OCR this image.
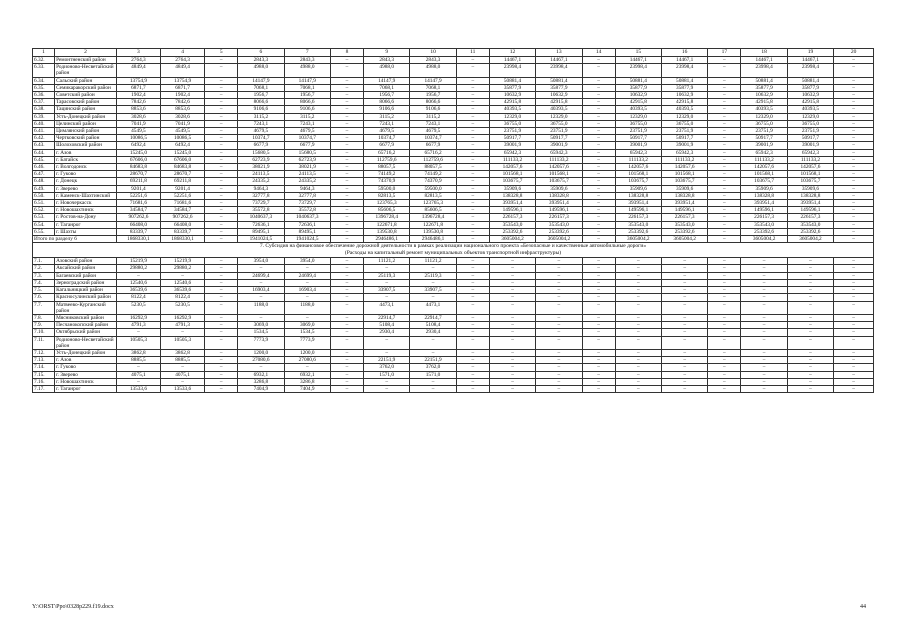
1	2	3	4	5	6	7	8	9	10	11	12	13	14	15	16	17	18	19	20
6.32.	Ремонтненский район	2764,3	2764,3	–	2843,3	2843,3	–	2843,3	2843,3	–	14467,1	14467,1	–	14467,1	14467,1	–	14467,1	14467,1	–
6.33.	Родионово-Несветайский район	4849,4	4849,4	–	4988,0	4988,0	–	4988,0	4988,0	–	23998,4	23998,4	–	23998,4	23998,4	–	23998,4	23998,4	–
6.34.	Сальский район	13754,9	13754,9	–	14147,9	14147,9	–	14147,9	14147,9	–	50881,4	50881,4	–	50881,4	50881,4	–	50881,4	50881,4	–
6.35.	Семикаракорский район	6871,7	6871,7	–	7068,1	7068,1	–	7068,1	7068,1	–	35877,9	35877,9	–	35877,9	35877,9	–	35877,9	35877,9	–
6.36.	Советский район	1902,4	1902,4	–	1956,7	1956,7	–	1956,7	1956,7	–	10632,9	10632,9	–	10632,9	10632,9	–	10632,9	10632,9	–
6.37.	Тарасовский район	7842,6	7842,6	–	8066,6	8066,6	–	8066,6	8066,6	–	42915,8	42915,8	–	42915,8	42915,8	–	42915,8	42915,8	–
6.38.	Тацинский район	8853,6	8853,6	–	9106,6	9106,6	–	9106,6	9106,6	–	40393,5	40393,5	–	40393,5	40393,5	–	40393,5	40393,5	–
6.39.	Усть-Донецкий район	3028,6	3028,6	–	3115,2	3115,2	–	3115,2	3115,2	–	12329,0	12329,0	–	12329,0	12329,0	–	12329,0	12329,0	–
6.40.	Целинский район	7041,9	7041,9	–	7243,1	7243,1	–	7243,1	7243,1	–	36755,0	36755,0	–	36755,0	36755,0	–	36755,0	36755,0	–
6.41.	Цимлянский район	4549,5	4549,5	–	4679,5	4679,5	–	4679,5	4679,5	–	23751,9	23751,9	–	23751,9	23751,9	–	23751,9	23751,9	–
6.42.	Чертковский район	10086,5	10086,5	–	10374,7	10374,7	–	10374,7	10374,7	–	50917,7	50917,7	–	50917,7	50917,7	–	50917,7	50917,7	–
6.43.	Шолоховский район	6492,4	6492,4	–	6677,9	6677,9	–	6677,9	6677,9	–	39001,9	39001,9	–	39001,9	39001,9	–	39001,9	39001,9	–
6.44.	г. Азов	15245,0	15245,0	–	15680,5	15680,5	–	65716,2	65716,2	–	65942,3	65942,3	–	65942,3	65942,3	–	65942,3	65942,3	–
6.45.	г. Батайск	67606,0	67606,0	–	62723,9	62723,9	–	112759,6	112759,6	–	111133,2	111133,2	–	111133,2	111133,2	–	111133,2	111133,2	–
6.46.	г. Волгодонск	84683,8	84683,8	–	38021,9	38021,9	–	88057,5	88057,5	–	142057,6	142057,6	–	142057,6	142057,6	–	142057,6	142057,6	–
6.47.	г. Гуково	28670,7	28670,7	–	24113,5	24113,5	–	74149,2	74149,2	–	101568,1	101568,1	–	101568,1	101568,1	–	101568,1	101568,1	–
6.48.	г. Донецк	69211,8	69211,8	–	24335,2	24335,2	–	74370,9	74370,9	–	103675,7	103675,7	–	103675,7	103675,7	–	103675,7	103675,7	–
6.49.	г. Зверево	9201,4	9201,4	–	9464,3	9464,3	–	59500,0	59500,0	–	35909,6	35909,6	–	35909,6	35909,6	–	35909,6	35909,6	–
6.50.	г. Каменск-Шахтинский	52251,6	52251,6	–	32777,8	32777,8	–	82813,5	82813,5	–	138328,8	138328,8	–	138328,8	138328,8	–	138328,8	138328,8	–
6.51.	г. Новочеркасск	71681,6	71681,6	–	73729,7	73729,7	–	123765,3	123765,3	–	393951,4	393951,4	–	393951,4	393951,4	–	393951,4	393951,4	–
6.52.	г. Новошахтинск	34584,7	34584,7	–	35572,8	35572,8	–	85606,5	85606,5	–	149596,1	149596,1	–	149596,1	149596,1	–	149596,1	149596,1	–
6.53.	г. Ростов-на-Дону	907262,6	907262,6	–	1040637,3	1040637,3	–	1396728,4	1396728,4	–	226157,3	226157,3	–	226157,3	226157,3	–	226157,3	226157,3	–
6.54.	г. Таганрог	66408,0	66408,0	–	72636,1	72636,1	–	122671,8	122671,8	–	353543,0	353543,0	–	353543,0	353543,0	–	353543,0	353543,0	–
6.55.	г. Шахты	83339,7	83339,7	–	89495,1	89495,1	–	139530,8	139530,8	–	253392,6	253392,6	–	253392,6	253392,6	–	253392,6	253392,6	–
Итого по разделу 6		1868330,1	1868330,1	–	1941024,5	1941024,5	–	2946486,1	2946486,1	–	3605004,2	3605004,2	–	3605004,2	3605004,2	–	3605004,2	3605004,2	–

7. Субсидия на финансовое обеспечение дорожной деятельности в рамках реализации национального проекта «Безопасные и качественные автомобильные дороги»
(Расходы на капитальный ремонт муниципальных объектов транспортной инфраструктуры)																			

7.1.	Азовский район	15219,9	15219,9	–	3954,0	3954,0	–	11121,2	11121,2	–	–	–	–	–	–	–	–	–	–
7.2.	Аксайский район	29880,2	29880,2	–	–	–	–	–	–	–	–	–	–	–	–	–	–	–	–
7.3.	Багаевский район	–	–	–	24699,4	24699,4	–	25119,3	25119,3	–	–	–	–	–	–	–	–	–	–
7.4.	Зерноградский район	12540,6	12540,6	–	–	–	–	–	–	–	–	–	–	–	–	–	–	–	–
7.5.	Кагальницкий район	36539,6	36539,6	–	16903,4	16903,4	–	33907,5	33907,5	–	–	–	–	–	–	–	–	–	–
7.6.	Красносулинский район	8122,4	8122,4	–	–	–	–	–	–	–	–	–	–	–	–	–	–	–	–
7.7.	Матвеево-Курганский район	5230,5	5230,5	–	1188,0	1188,0	–	4473,1	4473,1	–	–	–	–	–	–	–	–	–	–
7.8.	Мясниковский район	16292,9	16292,9	–	–	–	–	22914,7	22914,7	–	–	–	–	–	–	–	–	–	–
7.9.	Песчанокопский район	4791,3	4791,3	–	3069,0	3069,0	–	5108,4	5108,4	–	–	–	–	–	–	–	–	–	–
7.10.	Октябрьский район	–	–	–	1534,5	1534,5	–	2930,4	2930,4	–	–	–	–	–	–	–	–	–	–
7.11.	Родионово-Несветайский район	10505,3	10505,3	–	7773,9	7773,9	–	–	–	–	–	–	–	–	–	–	–	–	–
7.12.	Усть-Донецкий район	3862,8	3862,8	–	1200,0	1200,0	–	–	–	–	–	–	–	–	–	–	–	–	–
7.13.	г. Азов	8885,5	8885,5	–	27080,6	27080,6	–	22151,9	22151,9	–	–	–	–	–	–	–	–	–	–
7.14.	г. Гуково	–	–	–	–	–	–	3762,0	3762,0	–	–	–	–	–	–	–	–	–	–
7.15.	г. Зверево	4075,1	4075,1	–	6932,1	6932,1	–	1571,0	1571,0	–	–	–	–	–	–	–	–	–	–
7.16.	г. Новошахтинск	–	–	–	3286,8	3286,8	–	–	–	–	–	–	–	–	–	–	–	–	–
7.17.	г. Таганрог	13533,6	13533,6	–	7404,9	7404,9	–	–	–	–	–	–	–	–	–	–	–	–	–
Y:\ORST\Ppo\0328p229.f19.docx	44
